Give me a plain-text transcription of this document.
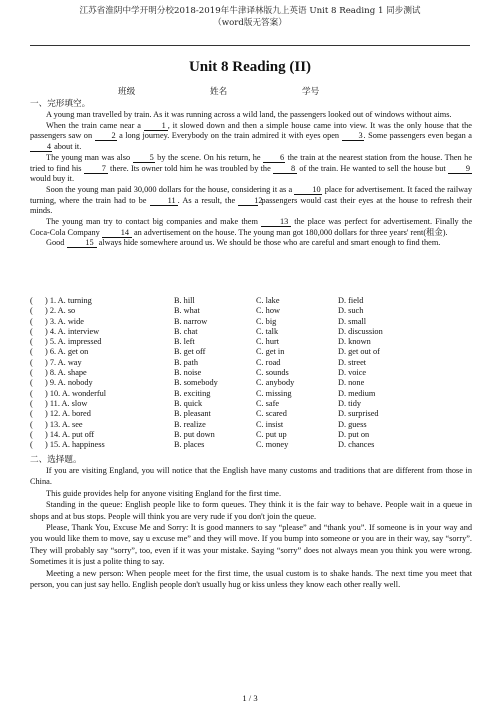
江苏省淮阴中学开明分校2018-2019年牛津译林版九上英语 Unit 8 Reading 1 同步测试
（word版无答案）
Unit 8 Reading (II)
班级	姓名	学号
一、完形填空。

A young man travelled by train. As it was running across a wild land, the passengers looked out of windows without aims.

When the train came near a	1 , it slowed down and then a simple house came into view. It was the only house that the passengers saw on 2 a long journey. Everybody on the train admired it with eyes open 3. Some passengers even began a 4 about it.

The young man was also 5 by the scene. On his return, he 6 the train at the nearest station from the house. Then he tried to find his 7 there. Its owner told him he was troubled by the 8 of the train. He wanted to sell the house but 9 would buy it.

Soon the young man paid 30,000 dollars for the house, considering it as a 10 place for advertisement. It faced the railway turning, where the train had to be	11 . As a result, the 12 passengers would cast their eyes at the house to refresh their minds.

The young man try to contact big companies and make them	13 the place was perfect for advertisement. Finally the Coca-Cola Company	14 an advertisement on the house. The young man got 180,000 dollars for three years' rent(租金).

Good	15 always hide somewhere around us. We should be those who are careful and smart enough to find them.

( ) 1. A. turning	B. hill	C. lake	D. field
( ) 2. A. so	B. what	C. how	D. such
( ) 3. A. wide	B. narrow	C. big	D. small
( ) 4. A. interview	B. chat	C. talk	D. discussion
( ) 5. A. impressed	B. left	C. hurt	D. known
( ) 6. A. get on	B. get off	C. get in	D. get out of
( ) 7. A. way	B. path	C. road	D. street
( ) 8. A. shape	B. noise	C. sounds	D. voice
( ) 9. A. nobody	B. somebody	C. anybody	D. none
( ) 10. A. wonderful	B. exciting	C. missing	D. medium
( ) 11. A. slow	B. quick	C. safe	D. tidy
( ) 12. A. bored	B. pleasant	C. scared	D. surprised
( ) 13. A. see	B. realize	C. insist	D. guess
( ) 14. A. put off	B. put down	C. put up	D. put on
( ) 15. A. happiness	B. places	C. money	D. chances
二、选择题。

If you are visiting England, you will notice that the English have many customs and traditions that are different from those in China.

This guide provides help for anyone visiting England for the first time.

Standing in the queue: English people like to form queues. They think it is the fair way to behave. People wait in a queue in shops and at bus stops. People will think you are very rude if you don't join the queue.

Please, Thank You, Excuse Me and Sorry: It is good manners to say “please” and “thank you”. If someone is in your way and you would like them to move, say u excuse me” and they will move. If you bump into someone or you are in their way, say “sorry”. They will probably say “sorry”, too, even if it was your mistake. Saying “sorry” does not always mean you think you were wrong. Sometimes it is just a polite thing to say.

Meeting a new person: When people meet for the first time, the usual custom is to shake hands. The next time you meet that person, you can just say hello. English people don't usually hug or kiss unless they know each other really well.

1 / 3
